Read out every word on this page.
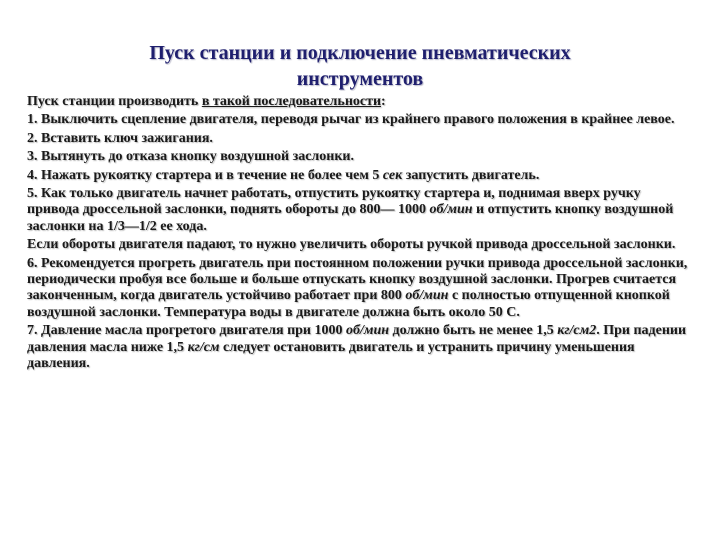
Пуск станции и подключение пневматических
инструментов
Пуск станции производить в такой последовательности:
1. Выключить сцепление двигателя, переводя рычаг из крайнего правого положения в крайнее левое.
2. Вставить ключ зажигания.
3. Вытянуть до отказа кнопку воздушной заслонки.
4. Нажать рукоятку стартера и в течение не более чем 5 сек запустить двигатель.
5. Как только двигатель начнет работать, отпустить рукоятку стартера и, поднимая вверх ручку привода дроссельной заслонки, поднять обороты до 800— 1000 об/мин и отпустить кнопку воздушной заслонки на 1/3—1/2 ее хода.
Если обороты двигателя падают, то нужно увеличить обороты ручкой привода дроссельной заслонки.
6. Рекомендуется прогреть двигатель при постоянном положении ручки привода дроссельной заслонки, периодически пробуя все больше и больше отпускать кнопку воздушной заслонки. Прогрев считается законченным, когда двигатель устойчиво работает при 800 об/мин с полностью отпущенной кнопкой воздушной заслонки. Температура воды в двигателе должна быть около 50 С.
7. Давление масла прогретого двигателя при 1000 об/мин должно быть не менее 1,5 кг/см2. При падении давления масла ниже 1,5 кг/см следует остановить двигатель и устранить причину уменьшения давления.
